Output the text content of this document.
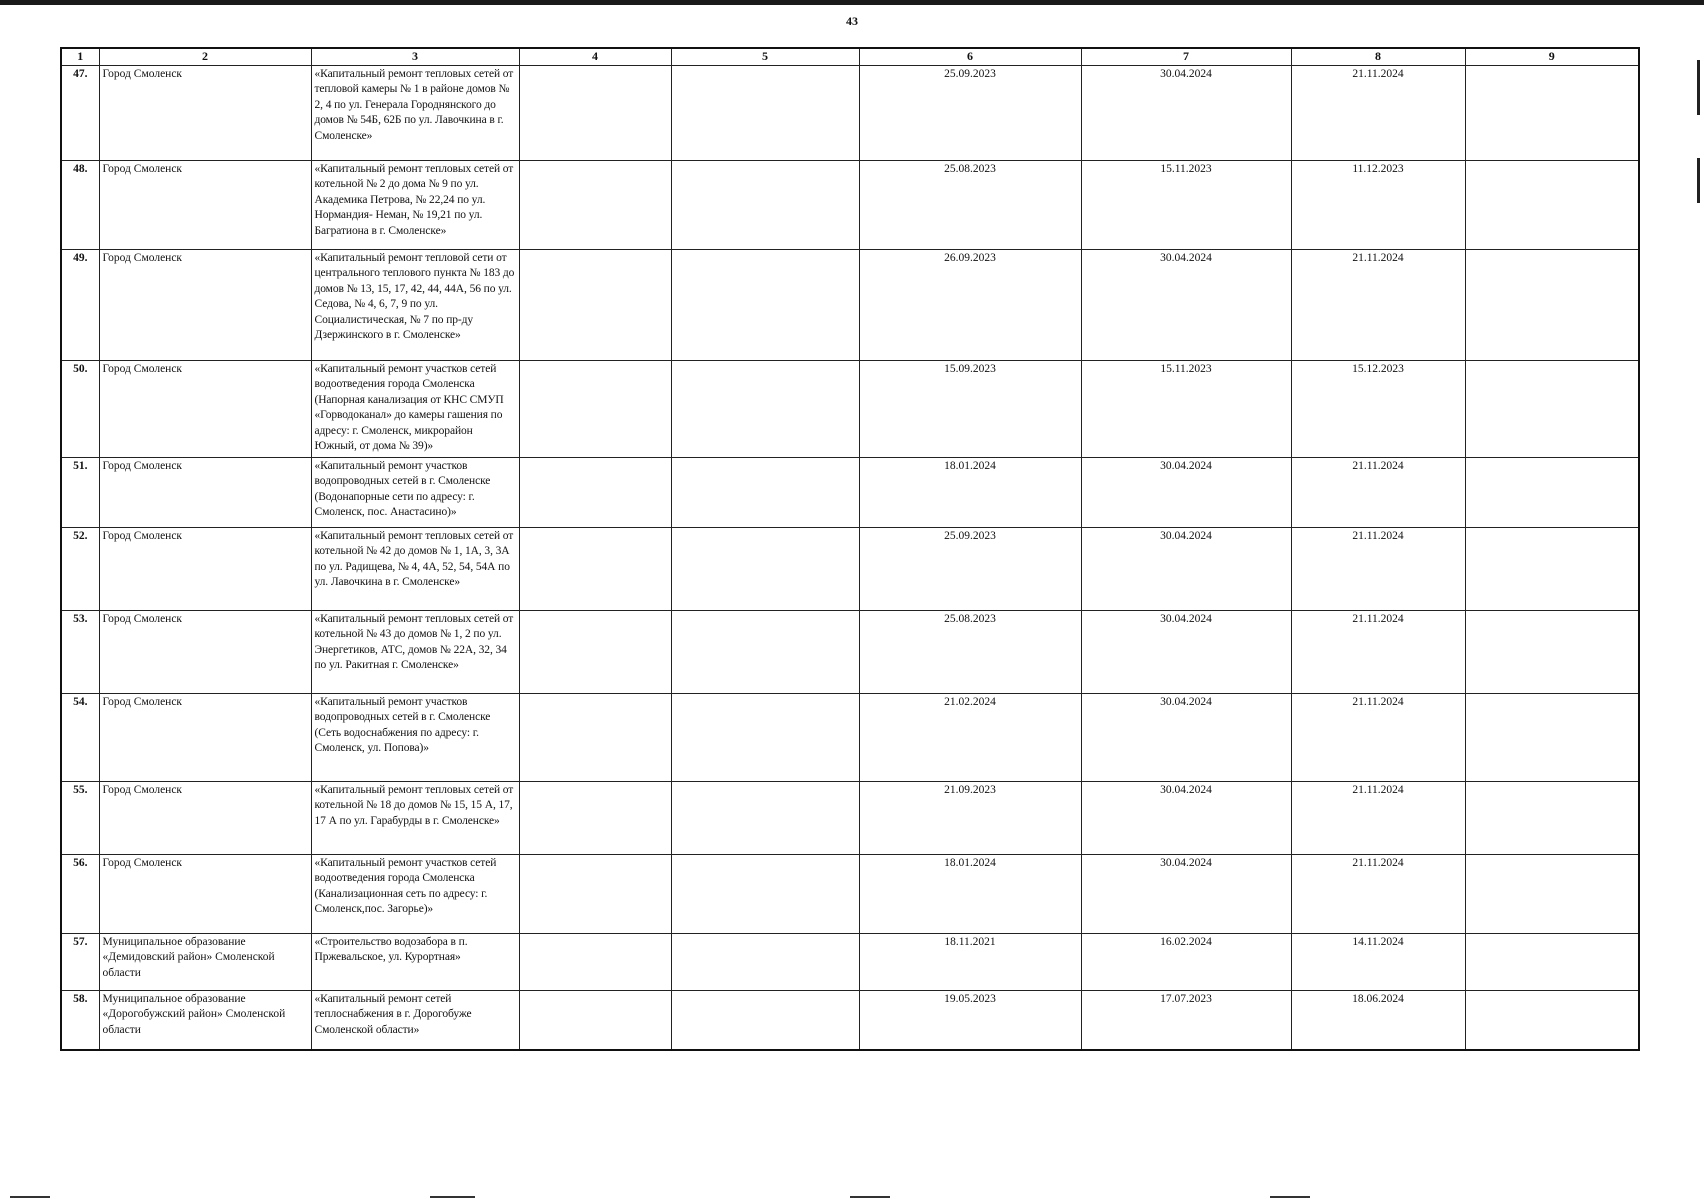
43
1	2	3	4	5	6	7	8	9
47.	Город Смоленск	«Капитальный ремонт тепловых сетей от тепловой камеры № 1 в районе домов № 2, 4 по ул. Генерала Городнянского до домов № 54Б, 62Б по ул. Лавочкина в г. Смоленске»			25.09.2023	30.04.2024	21.11.2024	
48.	Город Смоленск	«Капитальный ремонт тепловых сетей от котельной № 2 до дома № 9 по ул. Академика Петрова, № 22,24 по ул. Нормандия- Неман, № 19,21 по ул. Багратиона в г. Смоленске»			25.08.2023	15.11.2023	11.12.2023	
49.	Город Смоленск	«Капитальный ремонт тепловой сети от центрального теплового пункта № 183 до домов № 13, 15, 17, 42, 44, 44А, 56 по ул. Седова, № 4, 6, 7, 9 по ул. Социалистическая, № 7 по пр-ду Дзержинского в г. Смоленске»			26.09.2023	30.04.2024	21.11.2024	
50.	Город Смоленск	«Капитальный ремонт участков сетей водоотведения города Смоленска (Напорная канализация от КНС СМУП «Горводоканал» до камеры гашения по адресу: г. Смоленск, микрорайон Южный, от дома № 39)»			15.09.2023	15.11.2023	15.12.2023	
51.	Город Смоленск	«Капитальный ремонт участков водопроводных сетей в г. Смоленске (Водонапорные сети по адресу: г. Смоленск, пос. Анастасино)»			18.01.2024	30.04.2024	21.11.2024	
52.	Город Смоленск	«Капитальный ремонт тепловых сетей от котельной № 42 до домов № 1, 1А, 3, 3А по ул. Радищева, № 4, 4А, 52, 54, 54А по ул. Лавочкина в г. Смоленске»			25.09.2023	30.04.2024	21.11.2024	
53.	Город Смоленск	«Капитальный ремонт тепловых сетей от котельной № 43 до домов № 1, 2 по ул. Энергетиков, АТС, домов № 22А, 32, 34 по ул. Ракитная г. Смоленске»			25.08.2023	30.04.2024	21.11.2024	
54.	Город Смоленск	«Капитальный ремонт участков водопроводных сетей в г. Смоленске (Сеть водоснабжения по адресу: г. Смоленск, ул. Попова)»			21.02.2024	30.04.2024	21.11.2024	
55.	Город Смоленск	«Капитальный ремонт тепловых сетей от котельной № 18 до домов № 15, 15 А, 17, 17 А по ул. Гарабурды в г. Смоленске»			21.09.2023	30.04.2024	21.11.2024	
56.	Город Смоленск	«Капитальный ремонт участков сетей водоотведения города Смоленска (Канализационная сеть по адресу: г. Смоленск,пос. Загорье)»			18.01.2024	30.04.2024	21.11.2024	
57.	Муниципальное образование «Демидовский район» Смоленской области	«Строительство водозабора в п. Пржевальское, ул. Курортная»			18.11.2021	16.02.2024	14.11.2024	
58.	Муниципальное образование «Дорогобужский район» Смоленской области	«Капитальный ремонт сетей теплоснабжения в г. Дорогобуже Смоленской области»			19.05.2023	17.07.2023	18.06.2024	
